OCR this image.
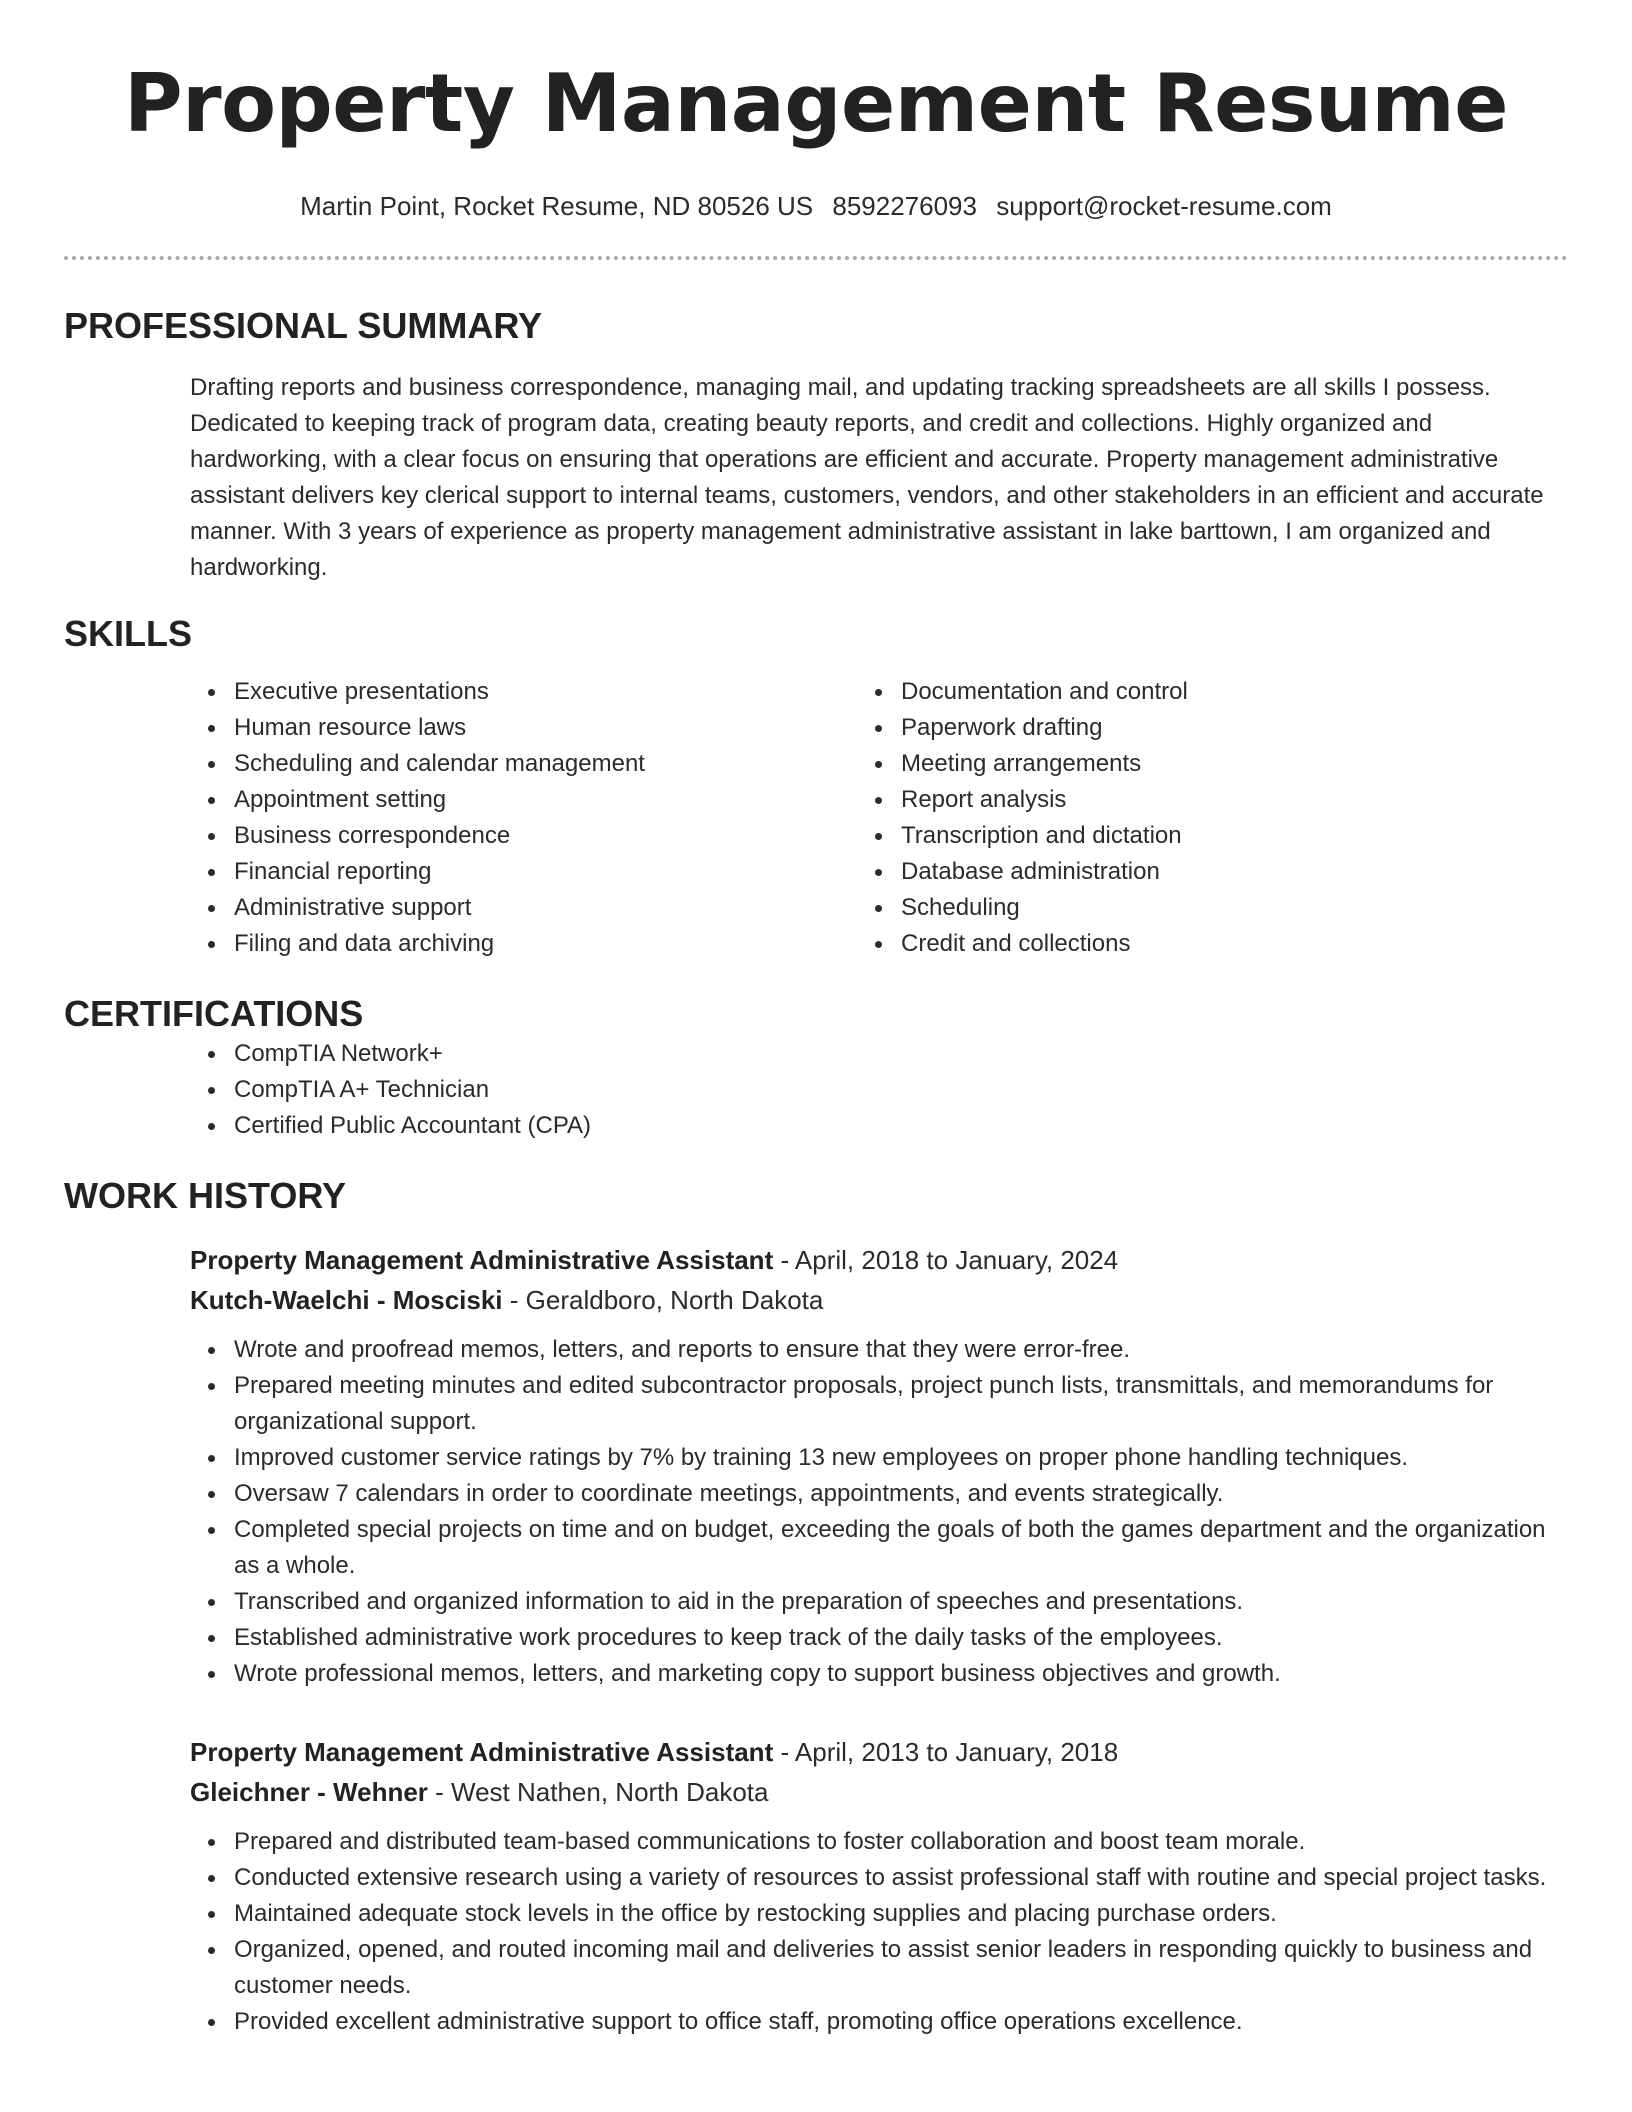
Property Management Resume
Martin Point, Rocket Resume, ND 80526 US 8592276093 support@rocket-resume.com
PROFESSIONAL SUMMARY
Drafting reports and business correspondence, managing mail, and updating tracking spreadsheets are all skills I possess. Dedicated to keeping track of program data, creating beauty reports, and credit and collections. Highly organized and hardworking, with a clear focus on ensuring that operations are efficient and accurate. Property management administrative assistant delivers key clerical support to internal teams, customers, vendors, and other stakeholders in an efficient and accurate manner. With 3 years of experience as property management administrative assistant in lake barttown, I am organized and hardworking.
SKILLS
Executive presentations
Human resource laws
Scheduling and calendar management
Appointment setting
Business correspondence
Financial reporting
Administrative support
Filing and data archiving
Documentation and control
Paperwork drafting
Meeting arrangements
Report analysis
Transcription and dictation
Database administration
Scheduling
Credit and collections
CERTIFICATIONS
CompTIA Network+
CompTIA A+ Technician
Certified Public Accountant (CPA)
WORK HISTORY
Property Management Administrative Assistant - April, 2018 to January, 2024
Kutch-Waelchi - Mosciski - Geraldboro, North Dakota
Wrote and proofread memos, letters, and reports to ensure that they were error-free.
Prepared meeting minutes and edited subcontractor proposals, project punch lists, transmittals, and memorandums for organizational support.
Improved customer service ratings by 7% by training 13 new employees on proper phone handling techniques.
Oversaw 7 calendars in order to coordinate meetings, appointments, and events strategically.
Completed special projects on time and on budget, exceeding the goals of both the games department and the organization as a whole.
Transcribed and organized information to aid in the preparation of speeches and presentations.
Established administrative work procedures to keep track of the daily tasks of the employees.
Wrote professional memos, letters, and marketing copy to support business objectives and growth.
Property Management Administrative Assistant - April, 2013 to January, 2018
Gleichner - Wehner - West Nathen, North Dakota
Prepared and distributed team-based communications to foster collaboration and boost team morale.
Conducted extensive research using a variety of resources to assist professional staff with routine and special project tasks.
Maintained adequate stock levels in the office by restocking supplies and placing purchase orders.
Organized, opened, and routed incoming mail and deliveries to assist senior leaders in responding quickly to business and customer needs.
Provided excellent administrative support to office staff, promoting office operations excellence.
